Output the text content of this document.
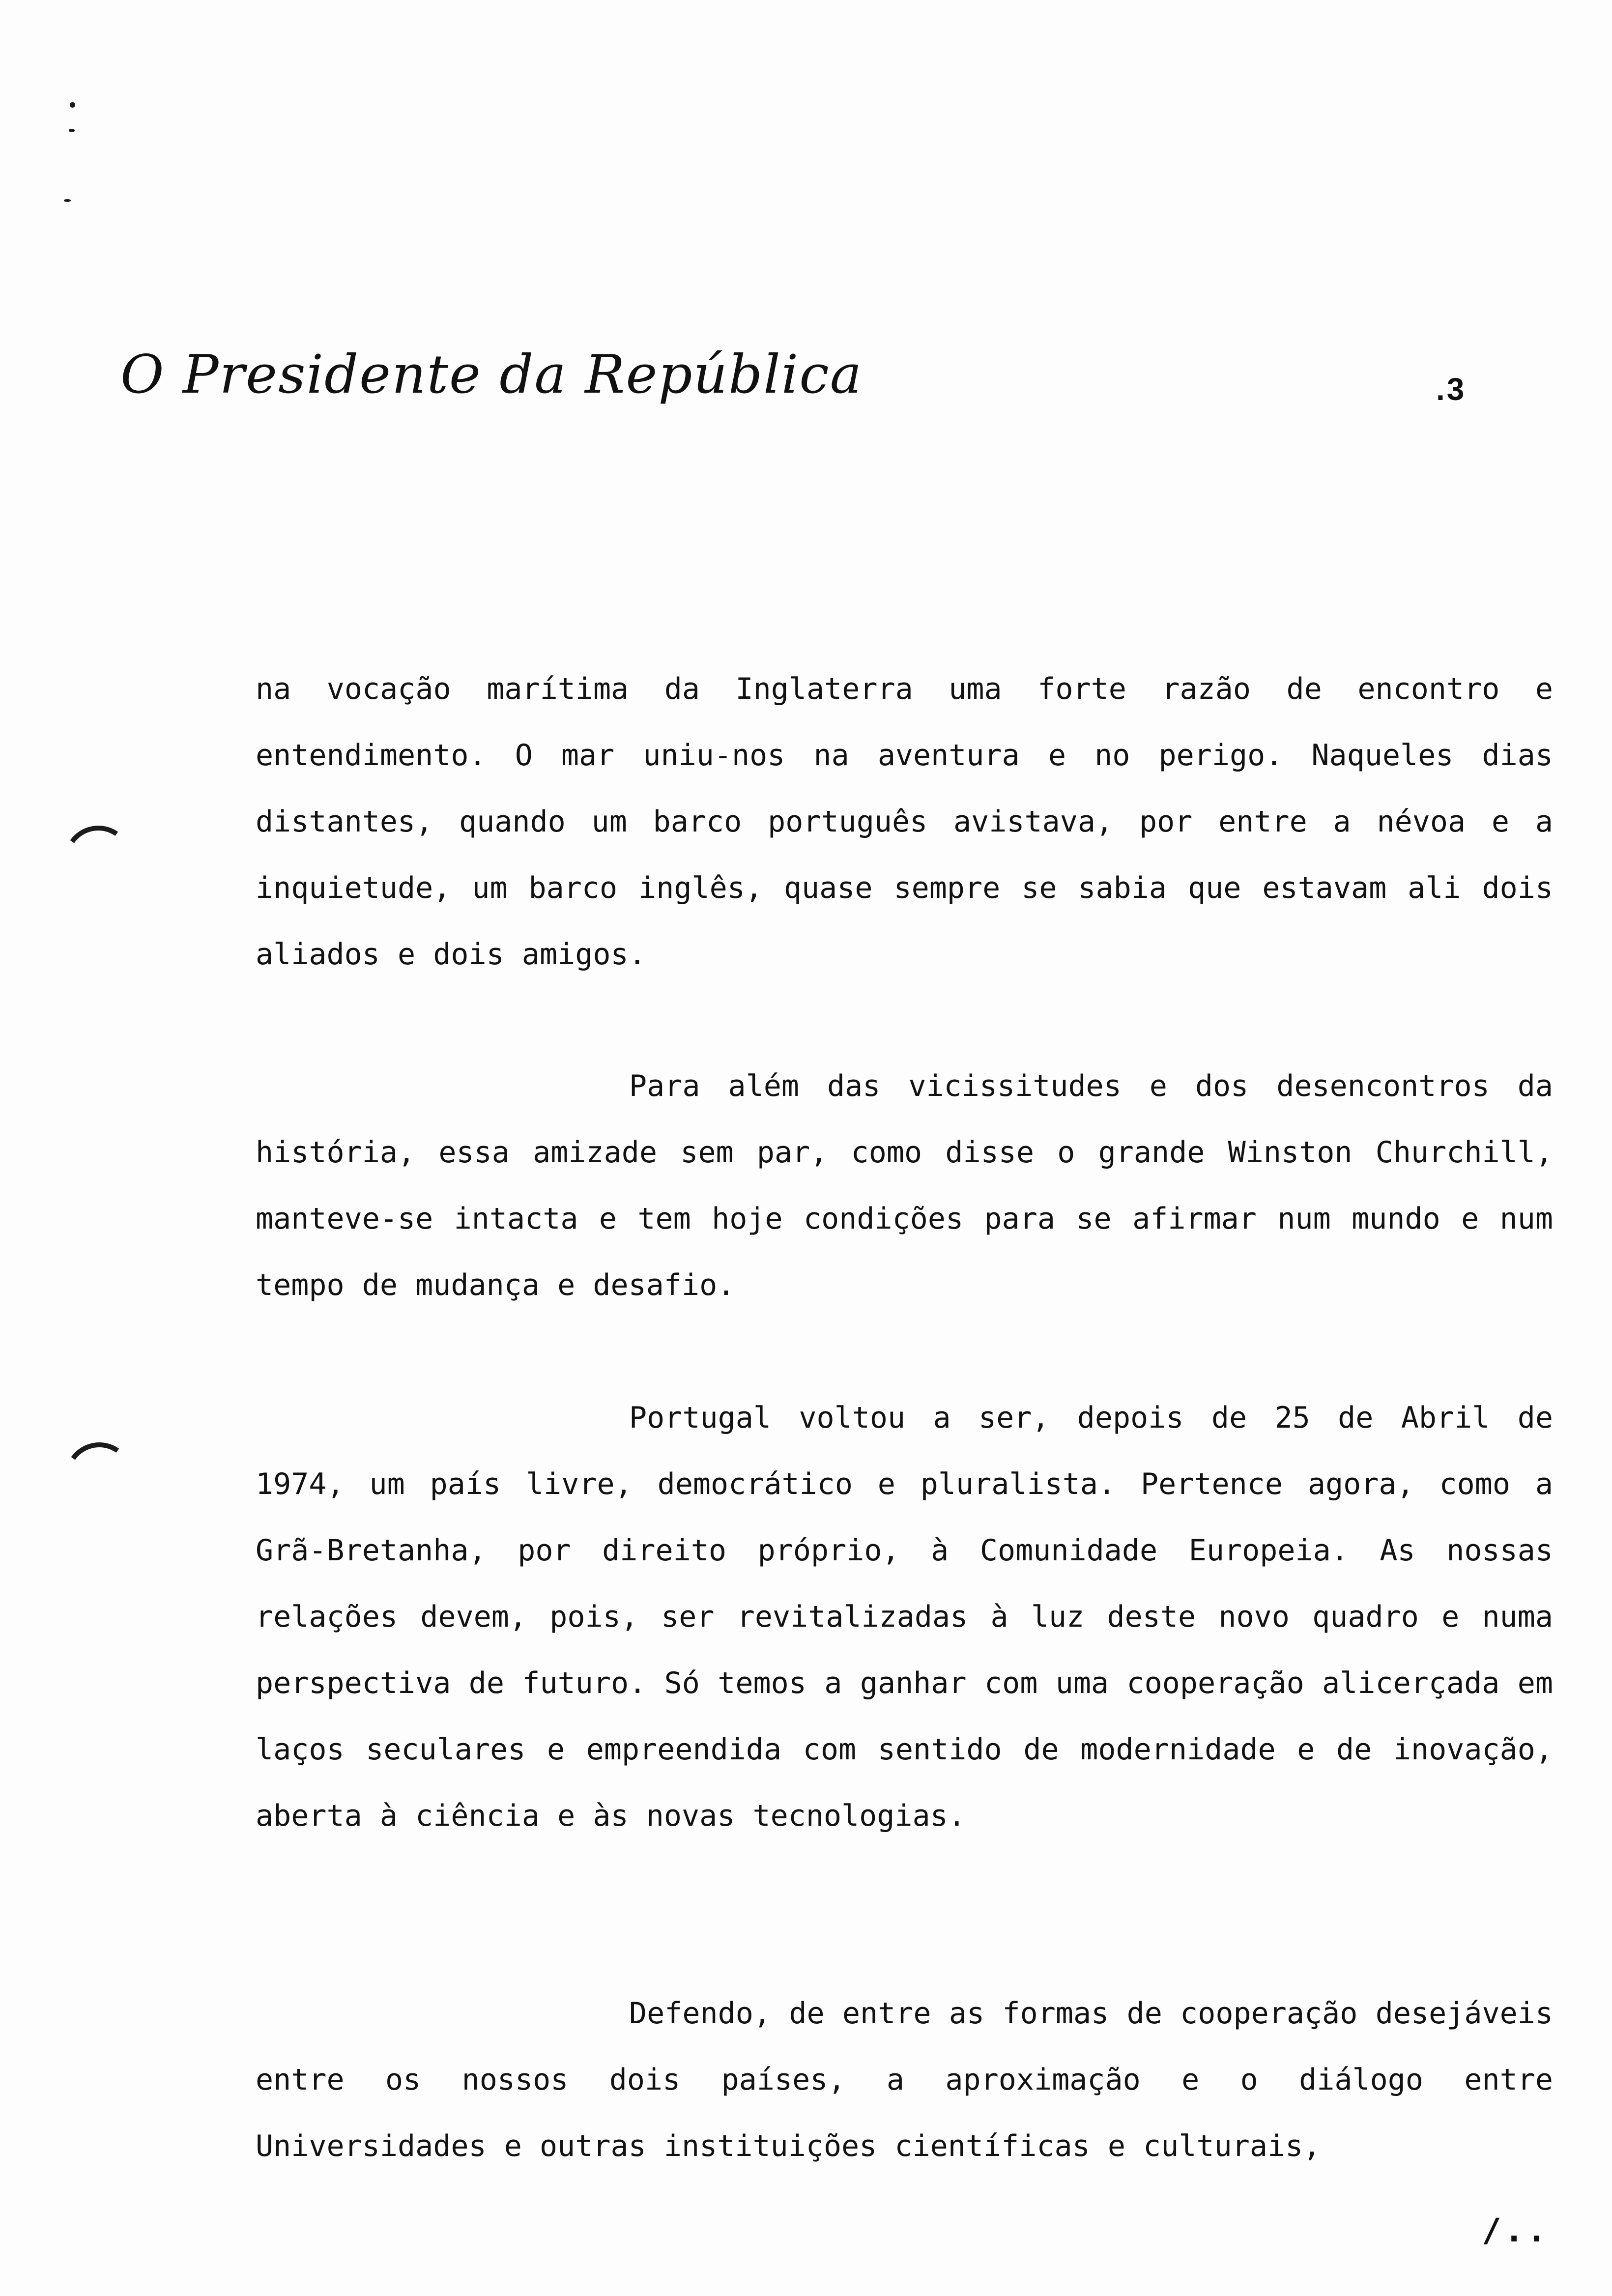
O Presidente da República	.3

na vocação marítima da Inglaterra uma forte razão de encontro e entendimento. O mar uniu-nos na aventura e no perigo. Naqueles dias distantes, quando um barco português avistava, por entre a névoa e a inquietude, um barco inglês, quase sempre se sabia que estavam ali dois aliados e dois amigos.

Para além das vicissitudes e dos desencontros da história, essa amizade sem par, como disse o grande Winston Churchill, manteve-se intacta e tem hoje condições para se afirmar num mundo e num tempo de mudança e desafio.

Portugal voltou a ser, depois de 25 de Abril de 1974, um país livre, democrático e pluralista. Pertence agora, como a Grã-Bretanha, por direito próprio, à Comunidade Europeia. As nossas relações devem, pois, ser revitalizadas à luz deste novo quadro e numa perspectiva de futuro. Só temos a ganhar com uma cooperação alicerçada em laços seculares e empreendida com sentido de modernidade e de inovação, aberta à ciência e às novas tecnologias.

Defendo, de entre as formas de cooperação desejáveis entre os nossos dois países, a aproximação e o diálogo entre Universidades e outras instituições científicas e culturais,

/..
